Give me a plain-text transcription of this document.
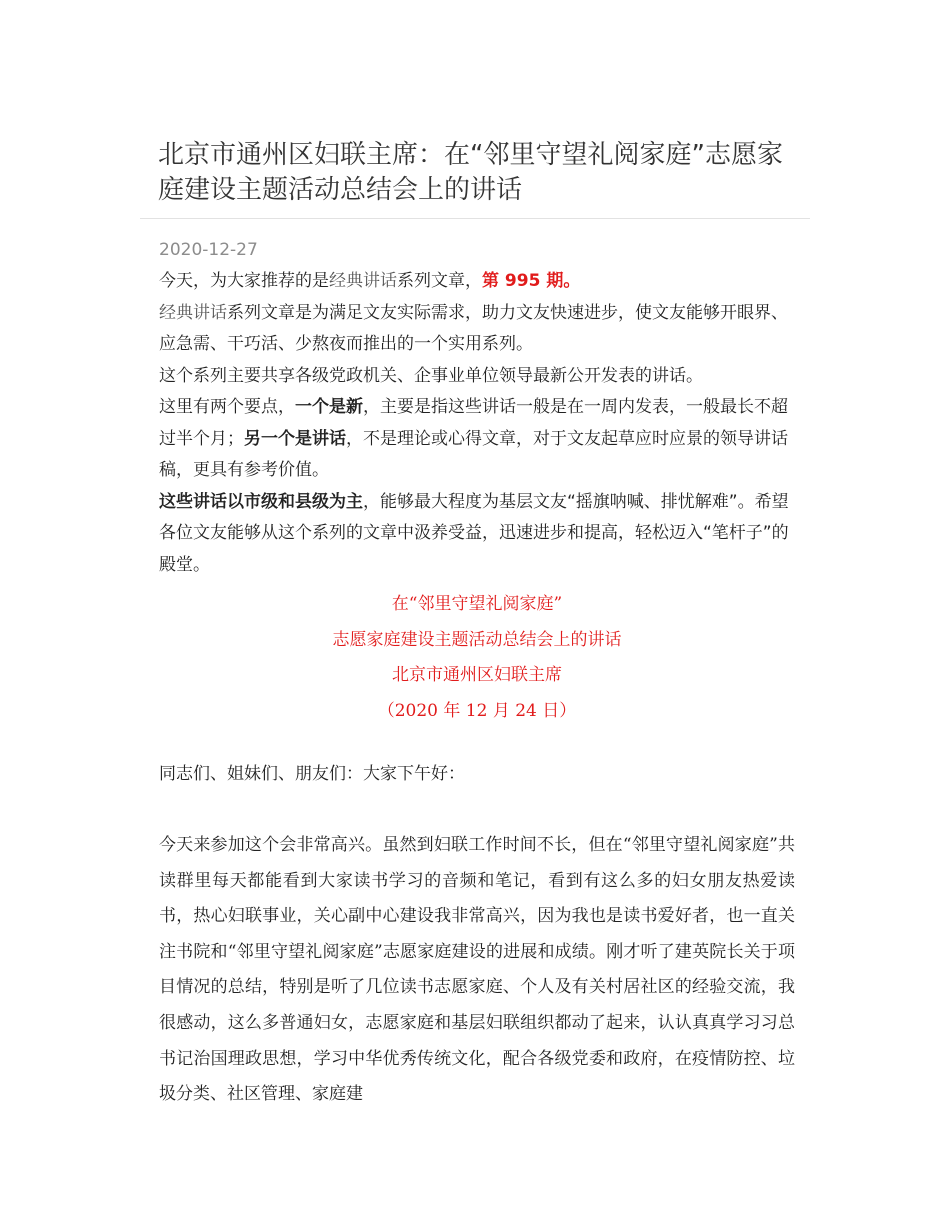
北京市通州区妇联主席：在“邻里守望礼阅家庭”志愿家庭建设主题活动总结会上的讲话
2020-12-27

今天，为大家推荐的是经典讲话系列文章，第 995 期。

经典讲话系列文章是为满足文友实际需求，助力文友快速进步，使文友能够开眼界、应急需、干巧活、少熬夜而推出的一个实用系列。

这个系列主要共享各级党政机关、企事业单位领导最新公开发表的讲话。

这里有两个要点，一个是新，主要是指这些讲话一般是在一周内发表，一般最长不超过半个月；另一个是讲话，不是理论或心得文章，对于文友起草应时应景的领导讲话稿，更具有参考价值。

这些讲话以市级和县级为主，能够最大程度为基层文友“摇旗呐喊、排忧解难”。希望各位文友能够从这个系列的文章中汲养受益，迅速进步和提高，轻松迈入“笔杆子”的殿堂。

在“邻里守望礼阅家庭”
志愿家庭建设主题活动总结会上的讲话
北京市通州区妇联主席
（2020 年 12 月 24 日）
同志们、姐妹们、朋友们：大家下午好：

今天来参加这个会非常高兴。虽然到妇联工作时间不长，但在“邻里守望礼阅家庭”共读群里每天都能看到大家读书学习的音频和笔记，看到有这么多的妇女朋友热爱读书，热心妇联事业，关心副中心建设我非常高兴，因为我也是读书爱好者，也一直关注书院和“邻里守望礼阅家庭”志愿家庭建设的进展和成绩。刚才听了建英院长关于项目情况的总结，特别是听了几位读书志愿家庭、个人及有关村居社区的经验交流，我很感动，这么多普通妇女，志愿家庭和基层妇联组织都动了起来，认认真真学习习总书记治国理政思想，学习中华优秀传统文化，配合各级党委和政府，在疫情防控、垃圾分类、社区管理、家庭建
